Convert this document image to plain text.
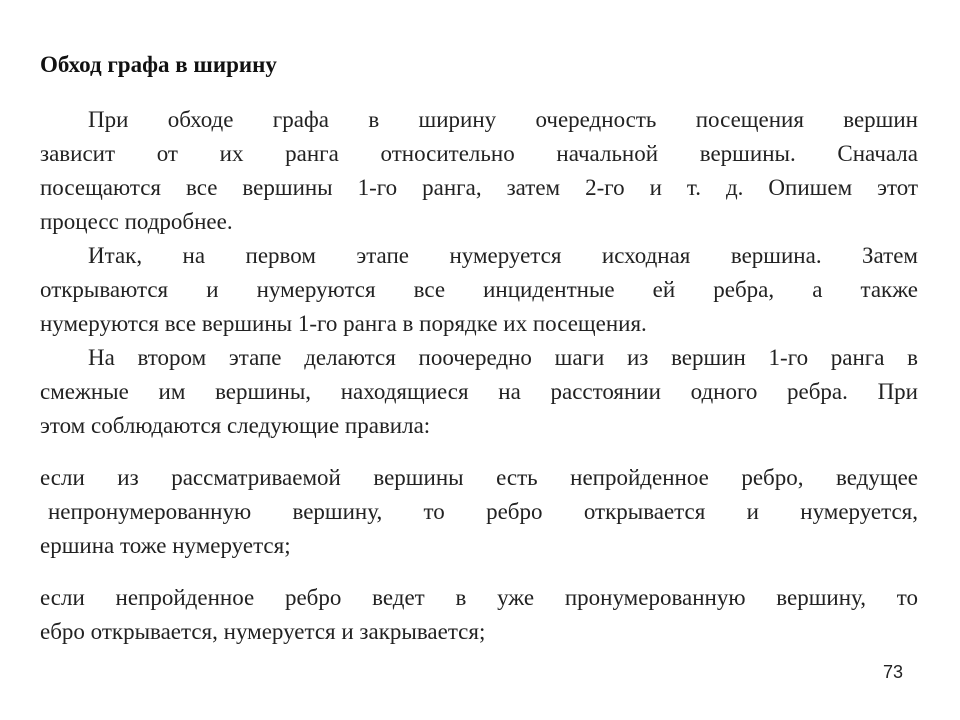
Обход графа в ширину
При обходе графа в ширину очередность посещения вершин
зависит от их ранга относительно начальной вершины. Сначала
посещаются все вершины 1-го ранга, затем 2-го и т. д. Опишем этот
процесс подробнее.
Итак, на первом этапе нумеруется исходная вершина. Затем
открываются и нумеруются все инцидентные ей ребра, а также
нумеруются все вершины 1-го ранга в порядке их посещения.
На втором этапе делаются поочередно шаги из вершин 1-го ранга в
смежные им вершины, находящиеся на расстоянии одного ребра. При
этом соблюдаются следующие правила:
если из рассматриваемой вершины есть непройденное ребро, ведущее
непронумерованную вершину, то ребро открывается и нумеруется,
ершина тоже нумеруется;
если непройденное ребро ведет в уже пронумерованную вершину, то
ебро открывается, нумеруется и закрывается;
73
